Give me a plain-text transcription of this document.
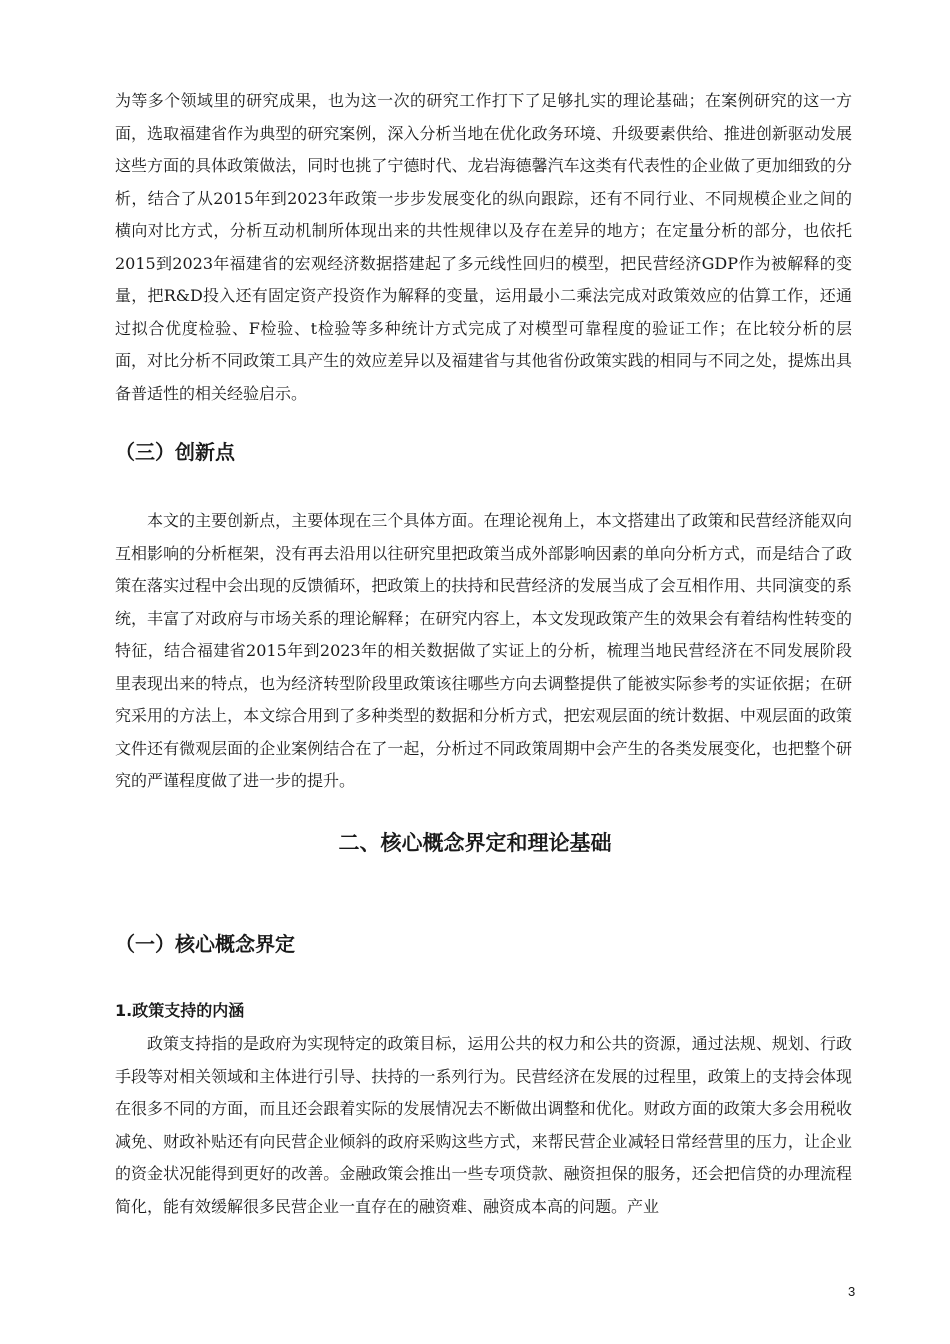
为等多个领域里的研究成果，也为这一次的研究工作打下了足够扎实的理论基础；在案例研究的这一方面，选取福建省作为典型的研究案例，深入分析当地在优化政务环境、升级要素供给、推进创新驱动发展这些方面的具体政策做法，同时也挑了宁德时代、龙岩海德馨汽车这类有代表性的企业做了更加细致的分析，结合了从2015年到2023年政策一步步发展变化的纵向跟踪，还有不同行业、不同规模企业之间的横向对比方式，分析互动机制所体现出来的共性规律以及存在差异的地方；在定量分析的部分，也依托2015到2023年福建省的宏观经济数据搭建起了多元线性回归的模型，把民营经济GDP作为被解释的变量，把R&D投入还有固定资产投资作为解释的变量，运用最小二乘法完成对政策效应的估算工作，还通过拟合优度检验、F检验、t检验等多种统计方式完成了对模型可靠程度的验证工作；在比较分析的层面，对比分析不同政策工具产生的效应差异以及福建省与其他省份政策实践的相同与不同之处，提炼出具备普适性的相关经验启示。

（三）创新点

本文的主要创新点，主要体现在三个具体方面。在理论视角上，本文搭建出了政策和民营经济能双向互相影响的分析框架，没有再去沿用以往研究里把政策当成外部影响因素的单向分析方式，而是结合了政策在落实过程中会出现的反馈循环，把政策上的扶持和民营经济的发展当成了会互相作用、共同演变的系统，丰富了对政府与市场关系的理论解释；在研究内容上，本文发现政策产生的效果会有着结构性转变的特征，结合福建省2015年到2023年的相关数据做了实证上的分析，梳理当地民营经济在不同发展阶段里表现出来的特点，也为经济转型阶段里政策该往哪些方向去调整提供了能被实际参考的实证依据；在研究采用的方法上，本文综合用到了多种类型的数据和分析方式，把宏观层面的统计数据、中观层面的政策文件还有微观层面的企业案例结合在了一起，分析过不同政策周期中会产生的各类发展变化，也把整个研究的严谨程度做了进一步的提升。

二、核心概念界定和理论基础
（一）核心概念界定
1.政策支持的内涵

政策支持指的是政府为实现特定的政策目标，运用公共的权力和公共的资源，通过法规、规划、行政手段等对相关领域和主体进行引导、扶持的一系列行为。民营经济在发展的过程里，政策上的支持会体现在很多不同的方面，而且还会跟着实际的发展情况去不断做出调整和优化。财政方面的政策大多会用税收减免、财政补贴还有向民营企业倾斜的政府采购这些方式，来帮民营企业减轻日常经营里的压力，让企业的资金状况能得到更好的改善。金融政策会推出一些专项贷款、融资担保的服务，还会把信贷的办理流程简化，能有效缓解很多民营企业一直存在的融资难、融资成本高的问题。产业

3
